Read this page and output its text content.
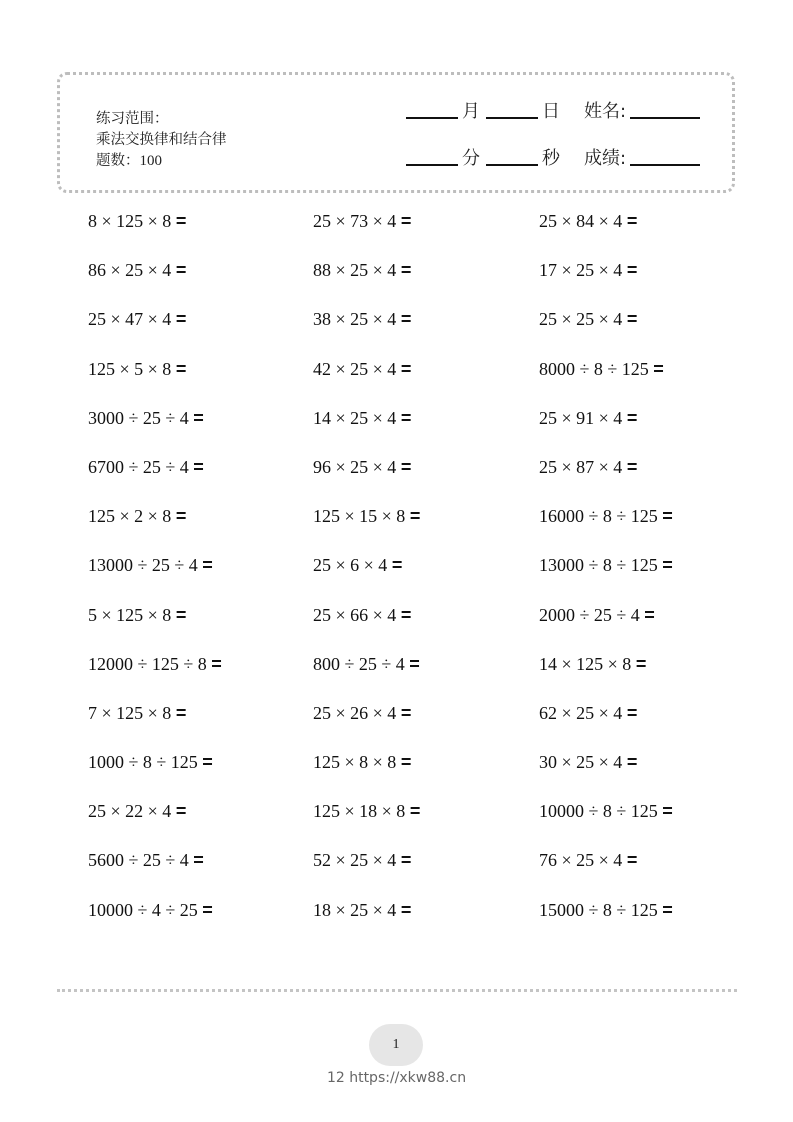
练习范围：
乘法交换律和结合律
题数：100
月	日 姓名:
分	秒 成绩:
8 × 125 × 8 =	25 × 73 × 4 =	25 × 84 × 4 =
86 × 25 × 4 =	88 × 25 × 4 =	17 × 25 × 4 =
25 × 47 × 4 =	38 × 25 × 4 =	25 × 25 × 4 =
125 × 5 × 8 =	42 × 25 × 4 =	8000 ÷ 8 ÷ 125 =
3000 ÷ 25 ÷ 4 =	14 × 25 × 4 =	25 × 91 × 4 =
6700 ÷ 25 ÷ 4 =	96 × 25 × 4 =	25 × 87 × 4 =
125 × 2 × 8 =	125 × 15 × 8 =	16000 ÷ 8 ÷ 125 =
13000 ÷ 25 ÷ 4 =	25 × 6 × 4 =	13000 ÷ 8 ÷ 125 =
5 × 125 × 8 =	25 × 66 × 4 =	2000 ÷ 25 ÷ 4 =
12000 ÷ 125 ÷ 8 =	800 ÷ 25 ÷ 4 =	14 × 125 × 8 =
7 × 125 × 8 =	25 × 26 × 4 =	62 × 25 × 4 =
1000 ÷ 8 ÷ 125 =	125 × 8 × 8 =	30 × 25 × 4 =
25 × 22 × 4 =	125 × 18 × 8 =	10000 ÷ 8 ÷ 125 =
5600 ÷ 25 ÷ 4 =	52 × 25 × 4 =	76 × 25 × 4 =
10000 ÷ 4 ÷ 25 =	18 × 25 × 4 =	15000 ÷ 8 ÷ 125 =
1
12 https://xkw88.cn
